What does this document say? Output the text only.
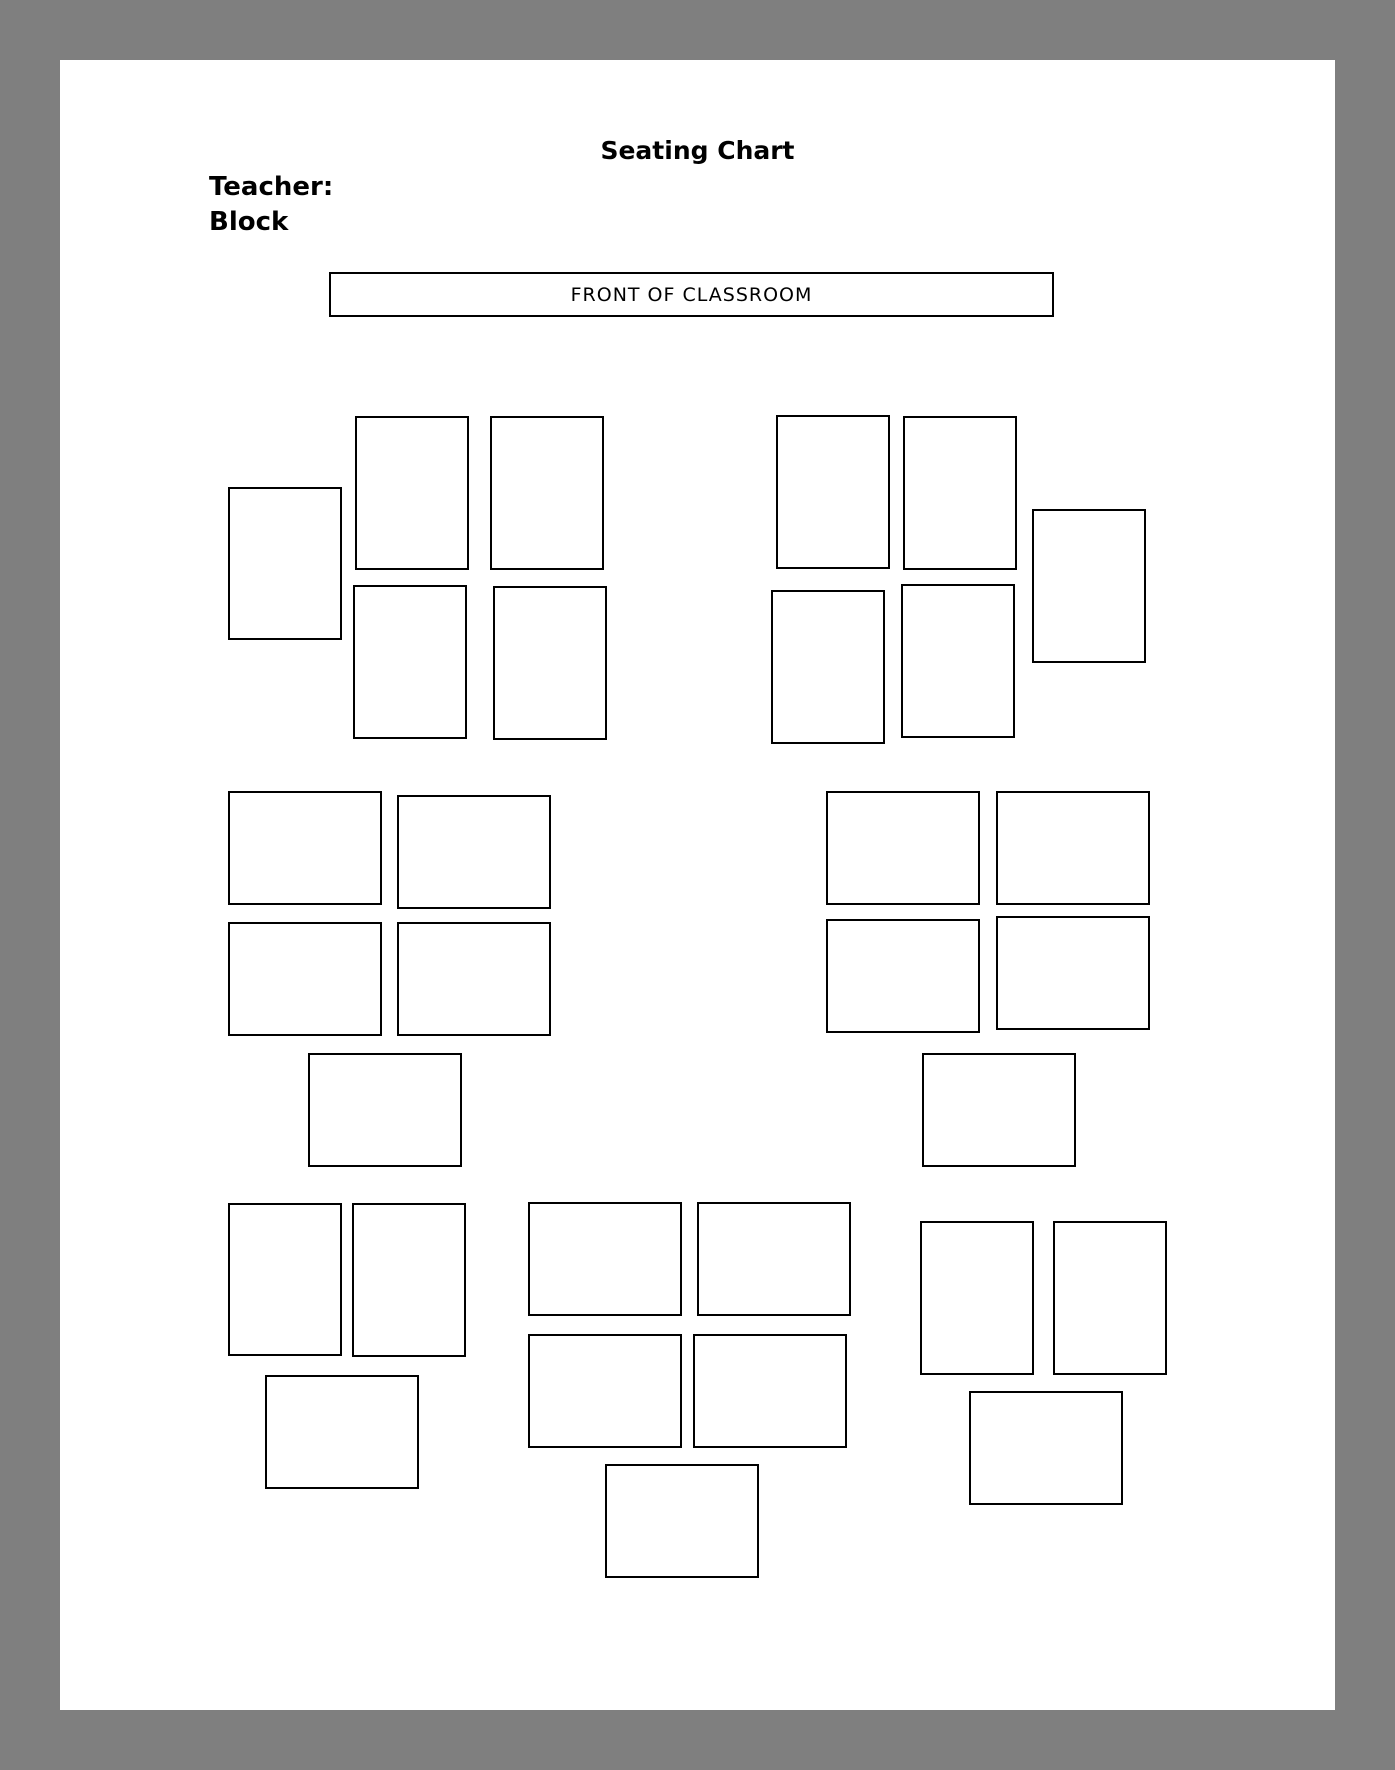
Seating Chart
Teacher:
Block
FRONT OF CLASSROOM
